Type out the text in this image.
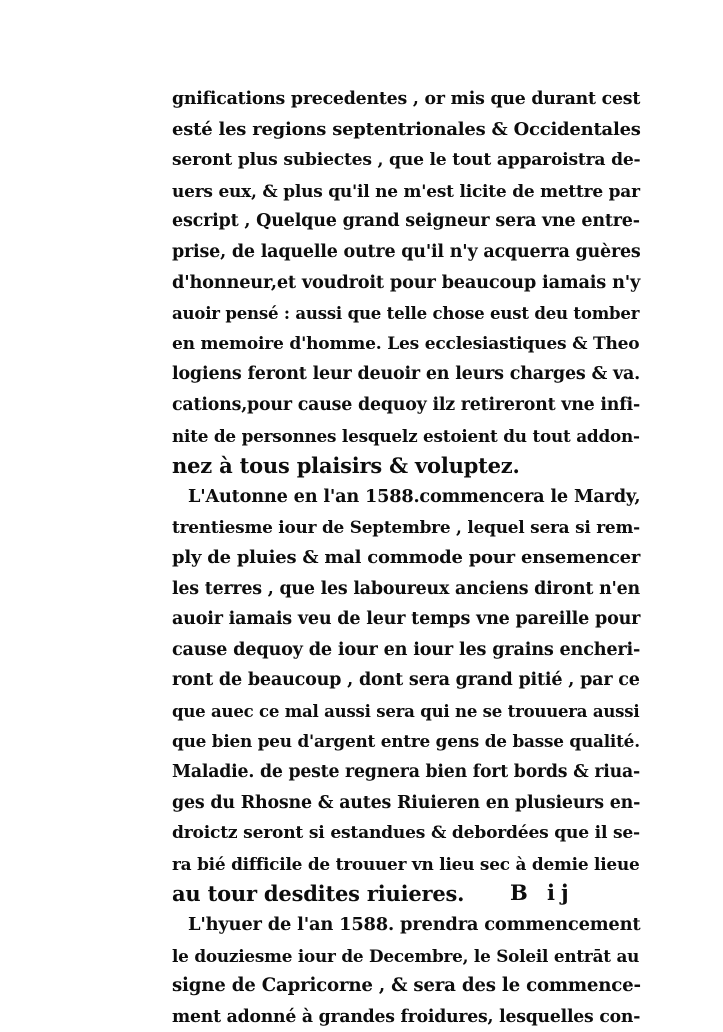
gnifications precedentes , or mis que durant cest
esté les regions septentrionales & Occidentales
seront plus subiectes , que le tout apparoistra de-
uers eux, & plus qu'il ne m'est licite de mettre par
escript , Quelque grand seigneur sera vne entre-
prise, de laquelle outre qu'il n'y acquerra guères
d'honneur,et voudroit pour beaucoup iamais n'y
auoir pensé : aussi que telle chose eust deu tomber
en memoire d'homme. Les ecclesiastiques & Theo
logiens feront leur deuoir en leurs charges & va.
cations,pour cause dequoy ilz retireront vne infi-
nite de personnes lesquelz estoient du tout addon-
nez à tous plaisirs & voluptez.
L'Autonne en l'an 1588.commencera le Mardy,
trentiesme iour de Septembre , lequel sera si rem-
ply de pluies & mal commode pour ensemencer
les terres , que les laboureux anciens diront n'en
auoir iamais veu de leur temps vne pareille pour
cause dequoy de iour en iour les grains encheri-
ront de beaucoup , dont sera grand pitié , par ce
que auec ce mal aussi sera qui ne se trouuera aussi
que bien peu d'argent entre gens de basse qualité.
Maladie. de peste regnera bien fort bords & riua-
ges du Rhosne & autes Riuieren en plusieurs en-
droictz seront si estandues & debordées que il se-
ra bié difficile de trouuer vn lieu sec à demie lieue
au tour desdites riuieres.
L'hyuer de l'an 1588. prendra commencement
le douziesme iour de Decembre, le Soleil entrāt au
signe de Capricorne , & sera des le commence-
ment adonné à grandes froidures, lesquelles con-
B ij
